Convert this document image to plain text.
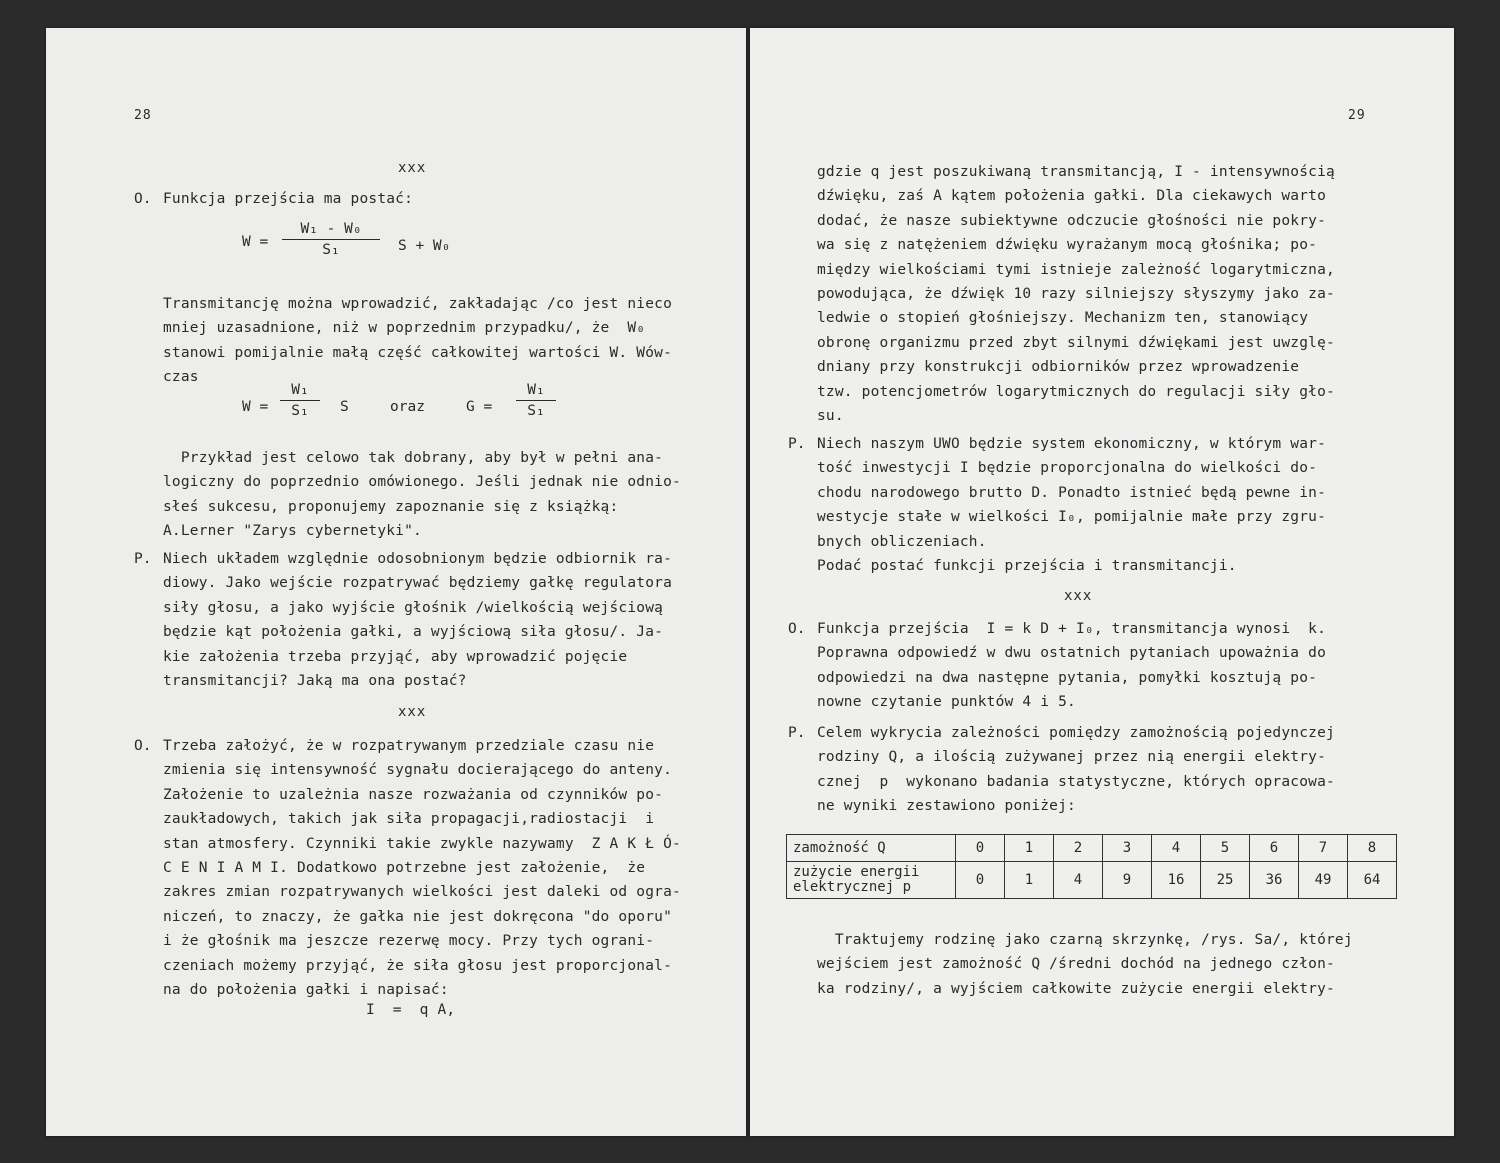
28
xxx
O. Funkcja przejścia ma postać:
$W = \frac{\text{W₁ - W₀}}{\text{S₁}}$ S + W₀
Transmitancję można wprowadzić, zakładając /co jest nieco
mniej uzasadnione, niż w poprzednim przypadku/, że  W₀
stanowi pomijalnie małą część całkowitej wartości W. Wów-
czas
$W = \frac{\text{W₁}}{\text{S₁}}$ S	oraz	$G = \frac{\text{W₁}}{\text{S₁}}$
Przykład jest celowo tak dobrany, aby był w pełni ana-
logiczny do poprzednio omówionego. Jeśli jednak nie odnio-
słeś sukcesu, proponujemy zapoznanie się z książką:
A.Lerner "Zarys cybernetyki".
P. Niech układem względnie odosobnionym będzie odbiornik ra-
diowy. Jako wejście rozpatrywać będziemy gałkę regulatora
siły głosu, a jako wyjście głośnik /wielkością wejściową
będzie kąt położenia gałki, a wyjściową siła głosu/. Ja-
kie założenia trzeba przyjąć, aby wprowadzić pojęcie
transmitancji? Jaką ma ona postać?
xxx
O. Trzeba założyć, że w rozpatrywanym przedziale czasu nie
zmienia się intensywność sygnału docierającego do anteny.
Założenie to uzależnia nasze rozważania od czynników po-
zaukładowych, takich jak siła propagacji,radiostacji  i
stan atmosfery. Czynniki takie zwykle nazywamy  Z A K Ł Ó-
C E N I A M I. Dodatkowo potrzebne jest założenie,  że
zakres zmian rozpatrywanych wielkości jest daleki od ogra-
niczeń, to znaczy, że gałka nie jest dokręcona "do oporu"
i że głośnik ma jeszcze rezerwę mocy. Przy tych ograni-
czeniach możemy przyjąć, że siła głosu jest proporcjonal-
na do położenia gałki i napisać:
I  =  q A,
29
gdzie q jest poszukiwaną transmitancją, I - intensywnością
dźwięku, zaś A kątem położenia gałki. Dla ciekawych warto
dodać, że nasze subiektywne odczucie głośności nie pokry-
wa się z natężeniem dźwięku wyrażanym mocą głośnika; po-
między wielkościami tymi istnieje zależność logarytmiczna,
powodująca, że dźwięk 10 razy silniejszy słyszymy jako za-
ledwie o stopień głośniejszy. Mechanizm ten, stanowiący
obronę organizmu przed zbyt silnymi dźwiękami jest uwzglę-
dniany przy konstrukcji odbiorników przez wprowadzenie
tzw. potencjometrów logarytmicznych do regulacji siły gło-
su.
P. Niech naszym UWO będzie system ekonomiczny, w którym war-
tość inwestycji I będzie proporcjonalna do wielkości do-
chodu narodowego brutto D. Ponadto istnieć będą pewne in-
westycje stałe w wielkości I₀, pomijalnie małe przy zgru-
bnych obliczeniach.
Podać postać funkcji przejścia i transmitancji.
xxx
O. Funkcja przejścia  I = k D + I₀, transmitancja wynosi  k.
Poprawna odpowiedź w dwu ostatnich pytaniach upoważnia do
odpowiedzi na dwa następne pytania, pomyłki kosztują po-
nowne czytanie punktów 4 i 5.
P. Celem wykrycia zależności pomiędzy zamożnością pojedynczej
rodziny Q, a ilością zużywanej przez nią energii elektry-
cznej  p  wykonano badania statystyczne, których opracowa-
ne wyniki zestawiono poniżej:
zamożność Q	0	1	2	3	4	5	6	7	8
zużycie energii
elektrycznej p	0	1	4	9	16	25	36	49	64
Traktujemy rodzinę jako czarną skrzynkę, /rys. Sa/, której
wejściem jest zamożność Q /średni dochód na jednego człon-
ka rodziny/, a wyjściem całkowite zużycie energii elektry-
